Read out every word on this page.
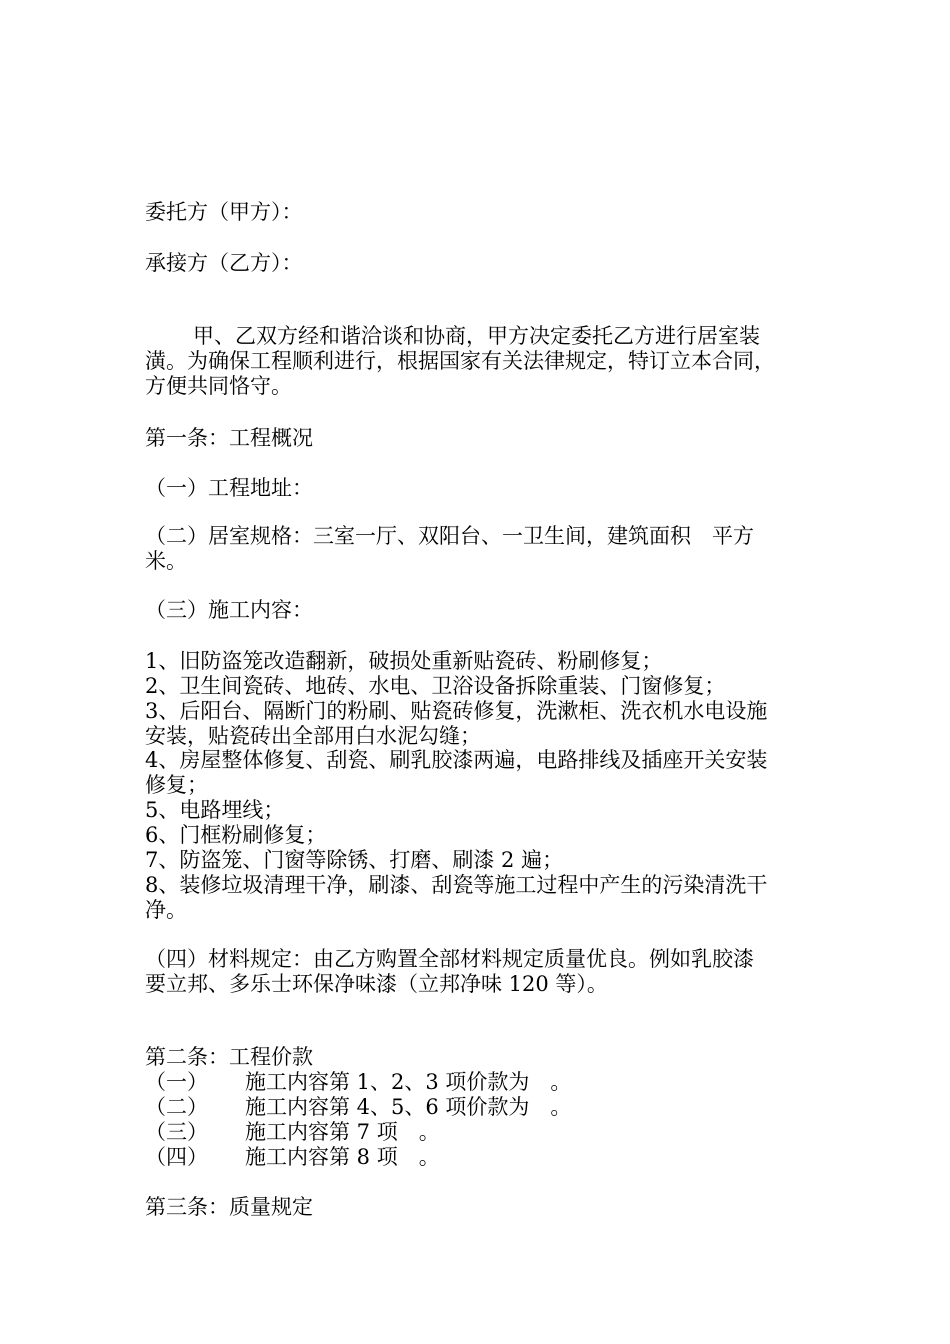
委托方（甲方）：
承接方（乙方）：
甲、乙双方经和谐洽谈和协商，甲方决定委托乙方进行居室装
潢。为确保工程顺利进行，根据国家有关法律规定，特订立本合同，
方便共同恪守。
第一条：工程概况
（一）工程地址：
（二）居室规格：三室一厅、双阳台、一卫生间，建筑面积　平方
米。
（三）施工内容：
1、旧防盗笼改造翻新，破损处重新贴瓷砖、粉刷修复；
2、卫生间瓷砖、地砖、水电、卫浴设备拆除重装、门窗修复；
3、后阳台、隔断门的粉刷、贴瓷砖修复，洗漱柜、洗衣机水电设施
安装，贴瓷砖出全部用白水泥勾缝；
4、房屋整体修复、刮瓷、刷乳胶漆两遍，电路排线及插座开关安装
修复；
5、电路埋线；
6、门框粉刷修复；
7、防盗笼、门窗等除锈、打磨、刷漆 2 遍；
8、装修垃圾清理干净，刷漆、刮瓷等施工过程中产生的污染清洗干
净。
（四）材料规定：由乙方购置全部材料规定质量优良。例如乳胶漆
要立邦、多乐士环保净味漆（立邦净味 120 等）。
第二条：工程价款
（一） 施工内容第 1、2、3 项价款为　。
（二） 施工内容第 4、5、6 项价款为　。
（三） 施工内容第 7 项　。
（四） 施工内容第 8 项　。
第三条：质量规定
